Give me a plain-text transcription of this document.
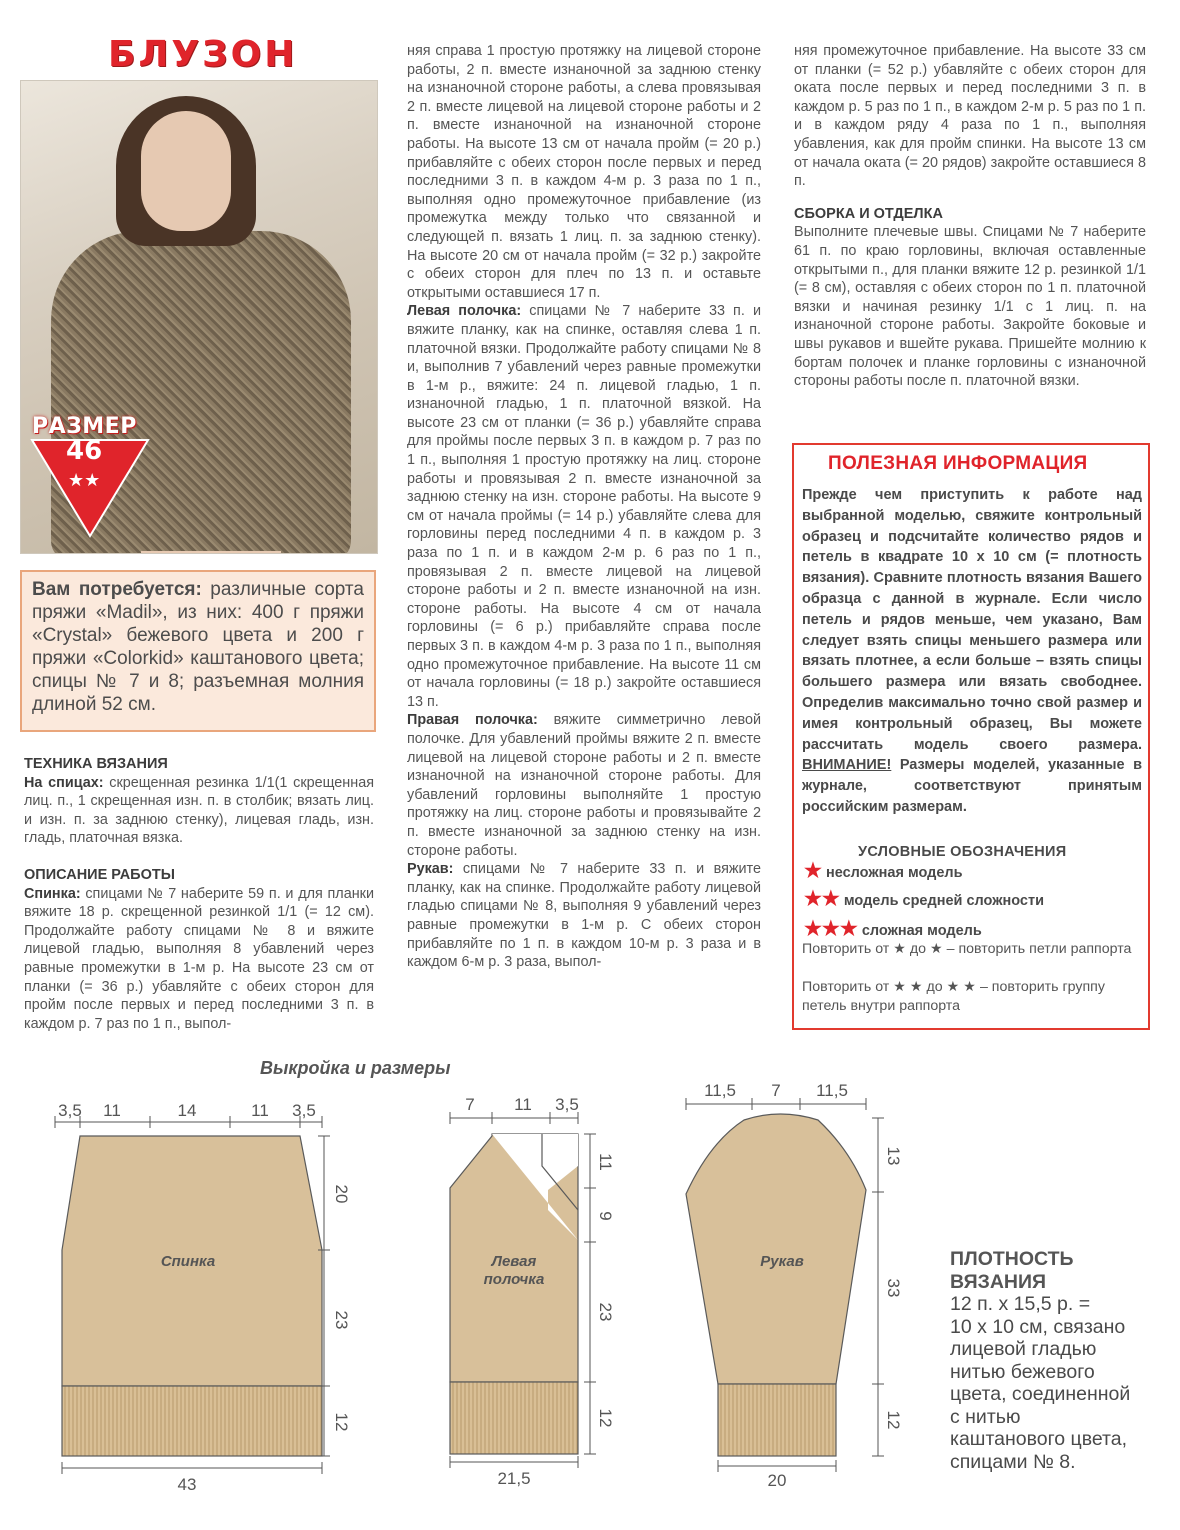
БЛУЗОН
РАЗМЕР
46
★★
Вам потребуется: различные сорта пряжи «Madil», из них: 400 г пряжи «Crystal» бежевого цвета и 200 г пряжи «Colorkid» каштанового цвета; спицы № 7 и 8; разъемная молния длиной 52 см.

ТЕХНИКА ВЯЗАНИЯ

На спицах: скрещенная резинка 1/1(1 скрещенная лиц. п., 1 скрещенная изн. п. в столбик; вязать лиц. и изн. п. за заднюю стенку), лицевая гладь, изн. гладь, платочная вязка.

ОПИСАНИЕ РАБОТЫ

Спинка: спицами № 7 наберите 59 п. и для планки вяжите 18 р. скрещенной резинкой 1/1 (= 12 см). Продолжайте работу спицами № 8 и вяжите лицевой гладью, выполняя 8 убавлений через равные промежутки в 1-м р. На высоте 23 см от планки (= 36 р.) убавляйте с обеих сторон для пройм после первых и перед последними 3 п. в каждом р. 7 раз по 1 п., выпол-

няя справа 1 простую протяжку на лицевой стороне работы, 2 п. вместе изнаночной за заднюю стенку на изнаночной стороне работы, а слева провязывая 2 п. вместе лицевой на лицевой стороне работы и 2 п. вместе изнаночной на изнаночной стороне работы. На высоте 13 см от начала пройм (= 20 р.) прибавляйте с обеих сторон после первых и перед последними 3 п. в каждом 4-м р. 3 раза по 1 п., выполняя одно промежуточное прибавление (из промежутка между только что связанной и следующей п. вязать 1 лиц. п. за заднюю стенку). На высоте 20 см от начала пройм (= 32 р.) закройте с обеих сторон для плеч по 13 п. и оставьте открытыми оставшиеся 17 п.

Левая полочка: спицами № 7 наберите 33 п. и вяжите планку, как на спинке, оставляя слева 1 п. платочной вязки. Продолжайте работу спицами № 8 и, выполнив 7 убавлений через равные промежутки в 1-м р., вяжите: 24 п. лицевой гладью, 1 п. изнаночной гладью, 1 п. платочной вязкой. На высоте 23 см от планки (= 36 р.) убавляйте справа для проймы после первых 3 п. в каждом р. 7 раз по 1 п., выполняя 1 простую протяжку на лиц. стороне работы и провязывая 2 п. вместе изнаночной за заднюю стенку на изн. стороне работы. На высоте 9 см от начала проймы (= 14 р.) убавляйте слева для горловины перед последними 4 п. в каждом р. 3 раза по 1 п. и в каждом 2-м р. 6 раз по 1 п., провязывая 2 п. вместе лицевой на лицевой стороне работы и 2 п. вместе изнаночной на изн. стороне работы. На высоте 4 см от начала горловины (= 6 р.) прибавляйте справа после первых 3 п. в каждом 4-м р. 3 раза по 1 п., выполняя одно промежуточное прибавление. На высоте 11 см от начала горловины (= 18 р.) закройте оставшиеся 13 п.

Правая полочка: вяжите симметрично левой полочке. Для убавлений проймы вяжите 2 п. вместе лицевой на лицевой стороне работы и 2 п. вместе изнаночной на изнаночной стороне работы. Для убавлений горловины выполняйте 1 простую протяжку на лиц. стороне работы и провязывайте 2 п. вместе изнаночной за заднюю стенку на изн. стороне работы.

Рукав: спицами № 7 наберите 33 п. и вяжите планку, как на спинке. Продолжайте работу лицевой гладью спицами № 8, выполняя 9 убавлений через равные промежутки в 1-м р. С обеих сторон прибавляйте по 1 п. в каждом 10-м р. 3 раза и в каждом 6-м р. 3 раза, выпол-

няя промежуточное прибавление. На высоте 33 см от планки (= 52 р.) убавляйте с обеих сторон для оката после первых и перед последними 3 п. в каждом р. 5 раз по 1 п., в каждом 2-м р. 5 раз по 1 п. и в каждом ряду 4 раза по 1 п., выполняя убавления, как для пройм спинки. На высоте 13 см от начала оката (= 20 рядов) закройте оставшиеся 8 п.

СБОРКА И ОТДЕЛКА

Выполните плечевые швы. Спицами № 7 наберите 61 п. по краю горловины, включая оставленные открытыми п., для планки вяжите 12 р. резинкой 1/1 (= 8 см), оставляя с обеих сторон по 1 п. платочной вязки и начиная резинку 1/1 с 1 лиц. п. на изнаночной стороне работы. Закройте боковые и швы рукавов и вшейте рукава. Пришейте молнию к бортам полочек и планке горловины с изнаночной стороны работы после п. платочной вязки.

ПОЛЕЗНАЯ ИНФОРМАЦИЯ
Прежде чем приступить к работе над выбранной моделью, свяжите контрольный образец и подсчитайте количество рядов и петель в квадрате 10 х 10 см (= плотность вязания). Сравните плотность вязания Вашего образца с данной в журнале. Если число петель и рядов меньше, чем указано, Вам следует взять спицы меньшего размера или вязать плотнее, а если больше – взять спицы большего размера или вязать свободнее. Определив максимально точно свой размер и имея контрольный образец, Вы можете рассчитать модель своего размера. ВНИМАНИЕ! Размеры моделей, указанные в журнале, соответствуют принятым российским размерам.
УСЛОВНЫЕ ОБОЗНАЧЕНИЯ
★ несложная модель
★★ модель средней сложности
★★★ сложная модель
Повторить от ★ до ★ – повторить петли раппорта
Повторить от ★ ★ до ★ ★ – повторить группу петель внутри раппорта
Выкройка и размеры
Спинка
3,5 11	14	11 3,5
20
23
12
43
Левая
полочка
7 11 3,5
11
9
23
12
21,5
Рукав
11,5 7 11,5
13
33
12
20
ПЛОТНОСТЬ
ВЯЗАНИЯ
12 п. х 15,5 р. =
10 х 10 см, связано
лицевой гладью
нитью бежевого
цвета, соединенной
с нитью
каштанового цвета,
спицами № 8.
